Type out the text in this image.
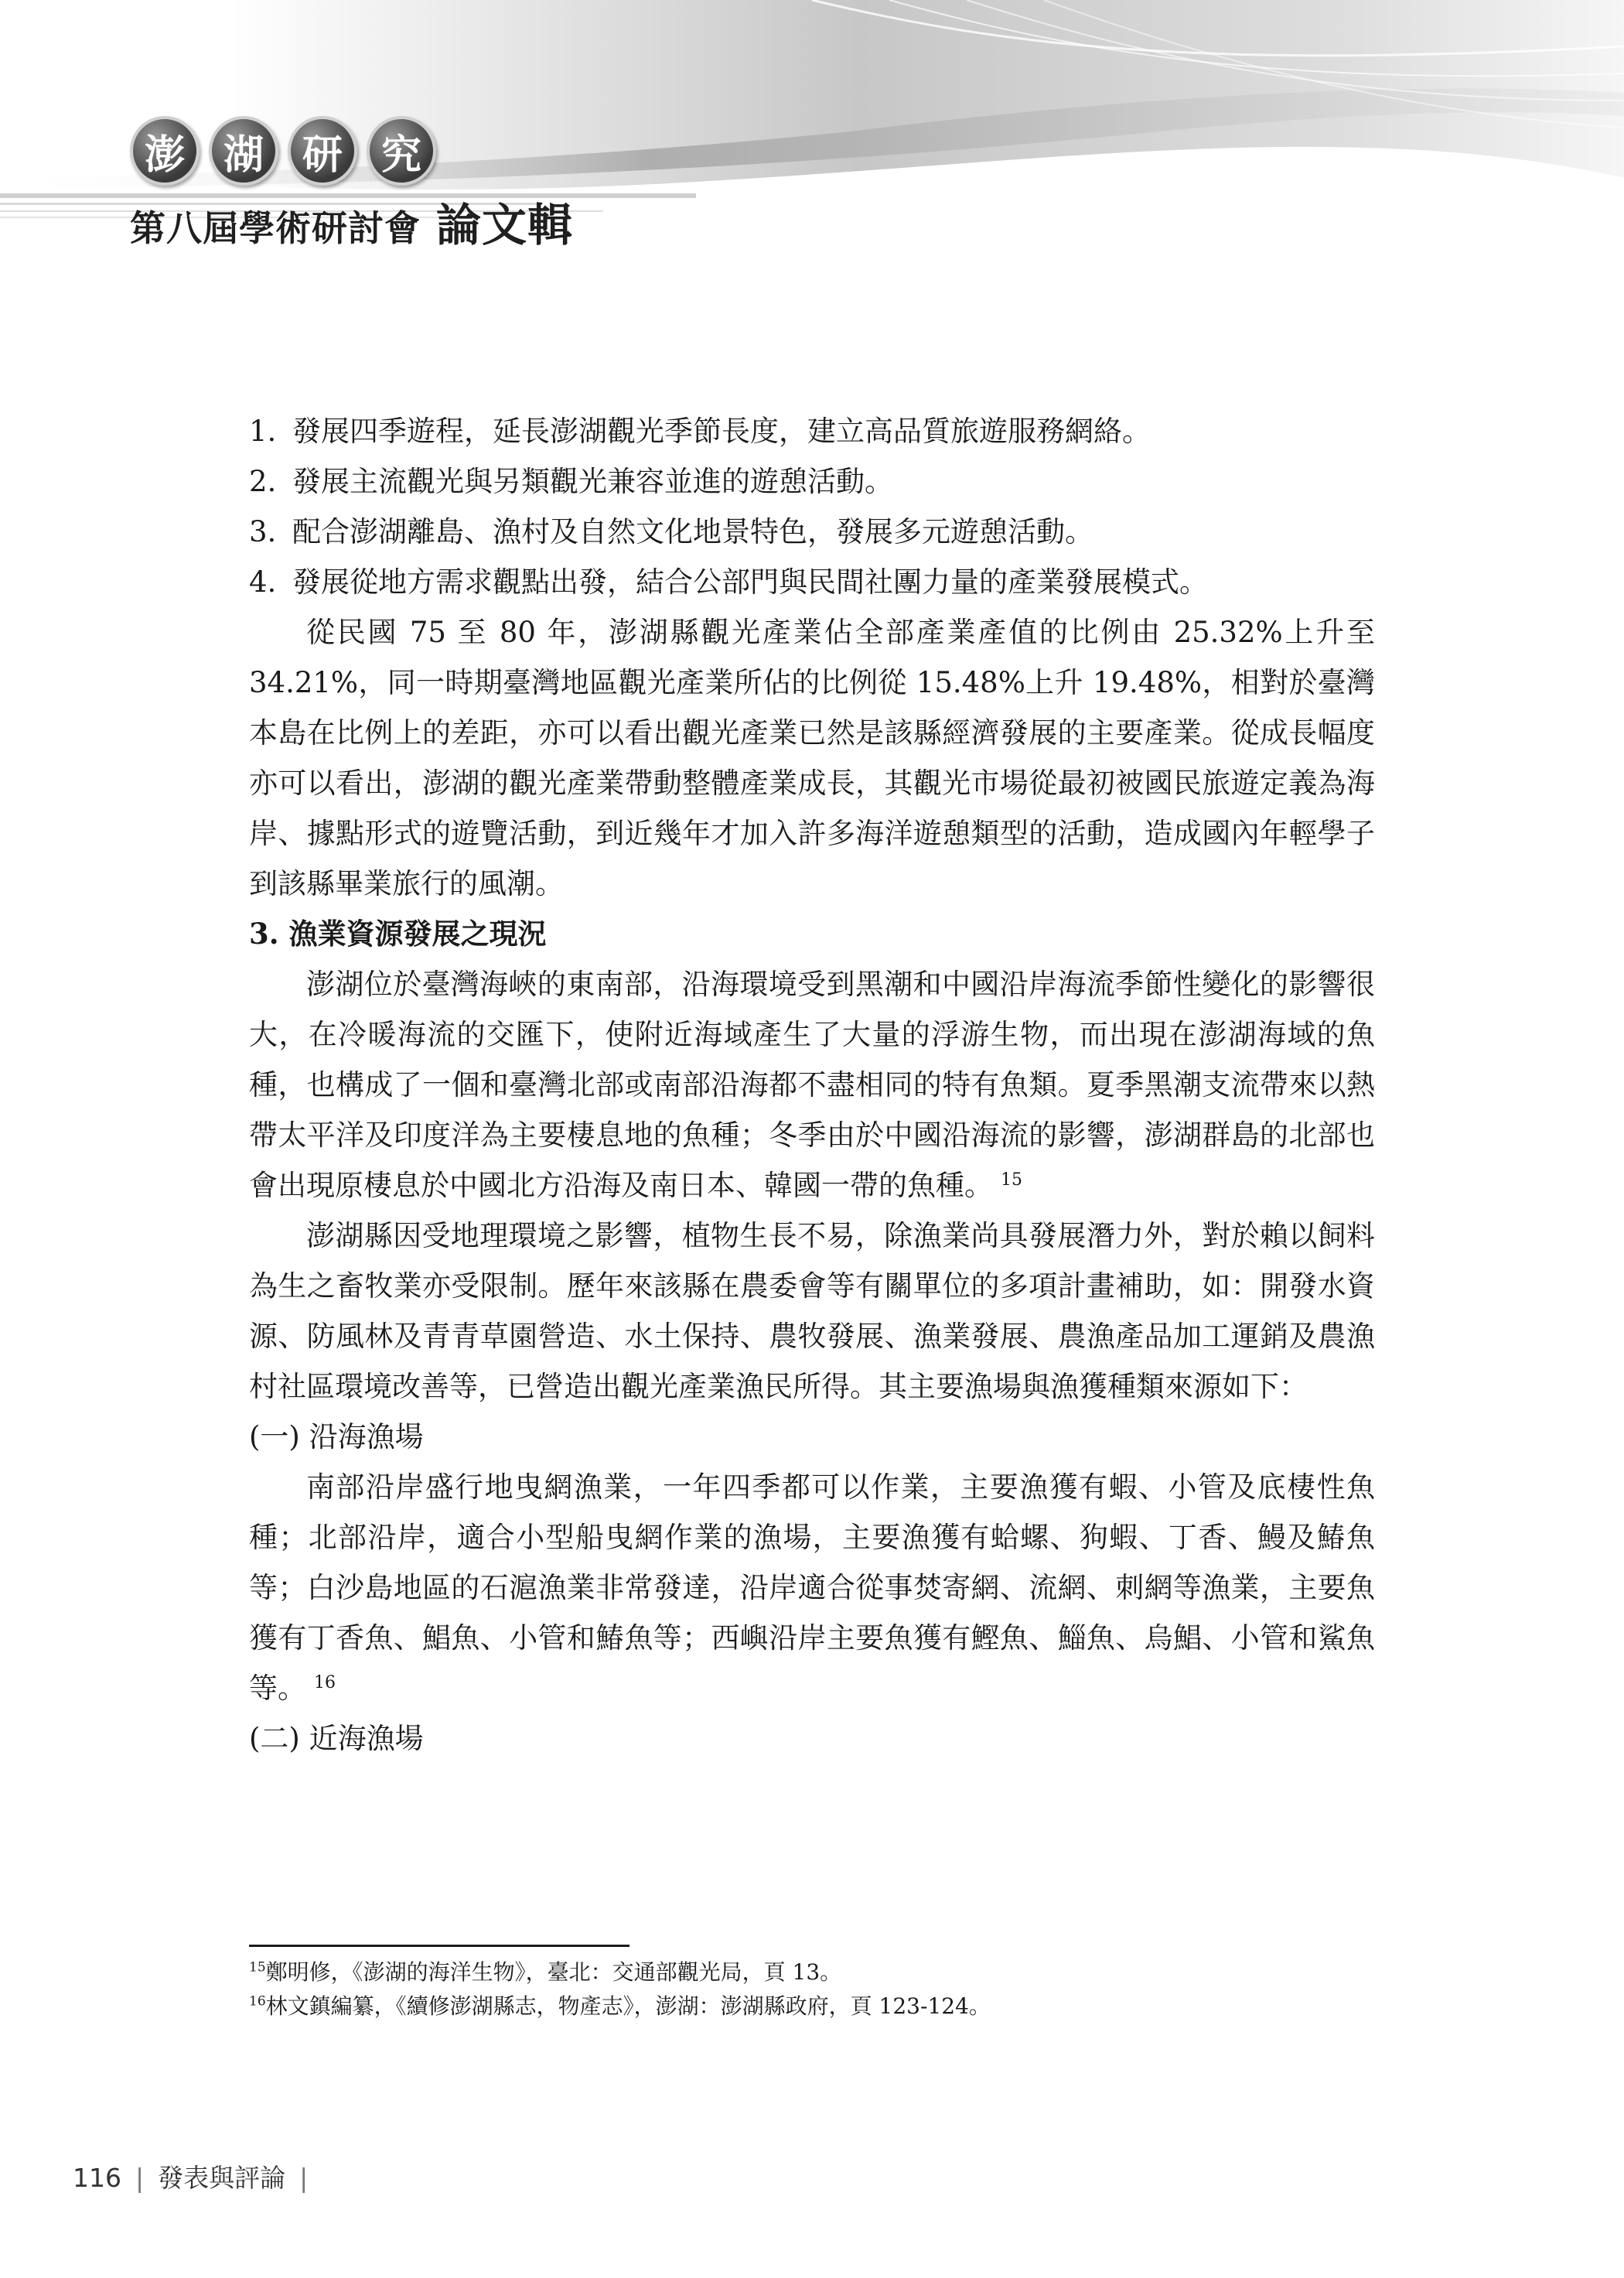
澎 湖 研 究
第八屆學術研討會 論文輯

1. 發展四季遊程，延長澎湖觀光季節長度，建立高品質旅遊服務網絡。

2. 發展主流觀光與另類觀光兼容並進的遊憩活動。

3. 配合澎湖離島、漁村及自然文化地景特色，發展多元遊憩活動。

4. 發展從地方需求觀點出發，結合公部門與民間社團力量的產業發展模式。

從民國 75 至 80 年，澎湖縣觀光產業佔全部產業產值的比例由 25.32%上升至 34.21%，同一時期臺灣地區觀光產業所佔的比例從 15.48%上升 19.48%，相對於臺灣本島在比例上的差距，亦可以看出觀光產業已然是該縣經濟發展的主要產業。從成長幅度亦可以看出，澎湖的觀光產業帶動整體產業成長，其觀光市場從最初被國民旅遊定義為海岸、據點形式的遊覽活動，到近幾年才加入許多海洋遊憩類型的活動，造成國內年輕學子到該縣畢業旅行的風潮。

3. 漁業資源發展之現況

澎湖位於臺灣海峽的東南部，沿海環境受到黑潮和中國沿岸海流季節性變化的影響很大，在冷暖海流的交匯下，使附近海域產生了大量的浮游生物，而出現在澎湖海域的魚種，也構成了一個和臺灣北部或南部沿海都不盡相同的特有魚類。夏季黑潮支流帶來以熱帶太平洋及印度洋為主要棲息地的魚種；冬季由於中國沿海流的影響，澎湖群島的北部也會出現原棲息於中國北方沿海及南日本、韓國一帶的魚種。 $^{15}$

澎湖縣因受地理環境之影響，植物生長不易，除漁業尚具發展潛力外，對於賴以飼料為生之畜牧業亦受限制。歷年來該縣在農委會等有關單位的多項計畫補助，如：開發水資源、防風林及青青草園營造、水土保持、農牧發展、漁業發展、農漁產品加工運銷及農漁村社區環境改善等，已營造出觀光產業漁民所得。其主要漁場與漁獲種類來源如下：

(一) 沿海漁場

南部沿岸盛行地曳網漁業，一年四季都可以作業，主要漁獲有蝦、小管及底棲性魚種；北部沿岸，適合小型船曳網作業的漁場，主要漁獲有蛤螺、狗蝦、丁香、鰻及鰆魚等；白沙島地區的石滬漁業非常發達，沿岸適合從事焚寄網、流網、刺網等漁業，主要魚獲有丁香魚、鯧魚、小管和鰆魚等；西嶼沿岸主要魚獲有鰹魚、鯔魚、烏鯧、小管和鯊魚等。 $^{16}$

(二) 近海漁場

$^{15}$鄭明修，《澎湖的海洋生物》，臺北：交通部觀光局，頁 13。
$^{16}$林文鎮編纂，《續修澎湖縣志，物產志》，澎湖：澎湖縣政府，頁 123-124。
116 | 發表與評論 |
